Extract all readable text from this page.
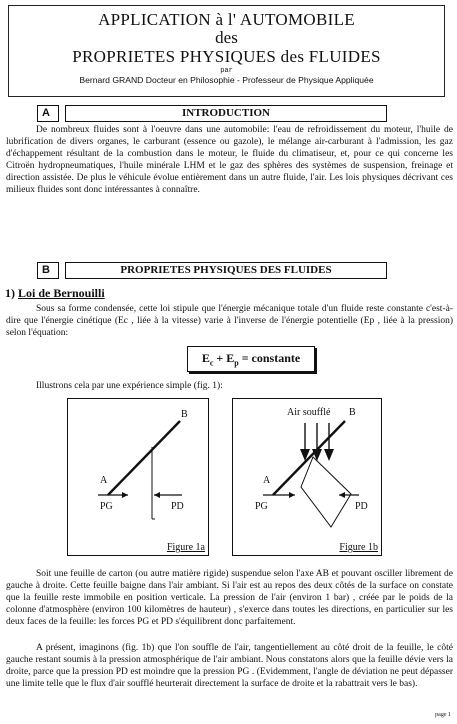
APPLICATION à l' AUTOMOBILE
des
PROPRIETES PHYSIQUES des FLUIDES
par
Bernard GRAND Docteur en Philosophie - Professeur de Physique Appliquée
A	INTRODUCTION

De nombreux fluides sont à l'oeuvre dans une automobile: l'eau de refroidissement du moteur, l'huile de lubrification de divers organes, le carburant (essence ou gazole), le mélange air-carburant à l'admission, les gaz d'échappement résultant de la combustion dans le moteur, le fluide du climatiseur, et, pour ce qui concerne les Citroën hydropneumatiques, l'huile minérale LHM et le gaz des sphères des systèmes de suspension, freinage et direction assistée. De plus le véhicule évolue entièrement dans un autre fluide, l'air. Les lois physiques décrivant ces milieux fluides sont donc intéressantes à connaître.

B	PROPRIETES PHYSIQUES DES FLUIDES
1) Loi de Bernouilli

Sous sa forme condensée, cette loi stipule que l'énergie mécanique totale d'un fluide reste constante c'est-à-dire que l'énergie cinétique (Ec , liée à la vitesse) varie à l'inverse de l'énergie potentielle (Ep , liée à la pression) selon l'équation:

$E_c + E_p$ = constante

Illustrons cela par une expérience simple (fig. 1):

A
B
PG	PD
Figure 1a
Air soufflé B
A
PG	PD
Figure 1b

Soit une feuille de carton (ou autre matière rigide) suspendue selon l'axe AB et pouvant osciller librement de gauche à droite. Cette feuille baigne dans l'air ambiant. Si l'air est au repos des deux côtés de la surface on constate que la feuille reste immobile en position verticale. La pression de l'air (environ 1 bar) , créée par le poids de la colonne d'atmosphère (environ 100 kilomètres de hauteur) , s'exerce dans toutes les directions, en particulier sur les deux faces de la feuille: les forces PG et PD s'équilibrent donc parfaitement.

A présent, imaginons (fig. 1b) que l'on souffle de l'air, tangentiellement au côté droit de la feuille, le côté gauche restant soumis à la pression atmosphérique de l'air ambiant. Nous constatons alors que la feuille dévie vers la droite, parce que la pression PD est moindre que la pression PG . (Evidemment, l'angle de déviation ne peut dépasser une limite telle que le flux d'air soufflé heurterait directement la surface de droite et la rabattrait vers le bas).

page 1
